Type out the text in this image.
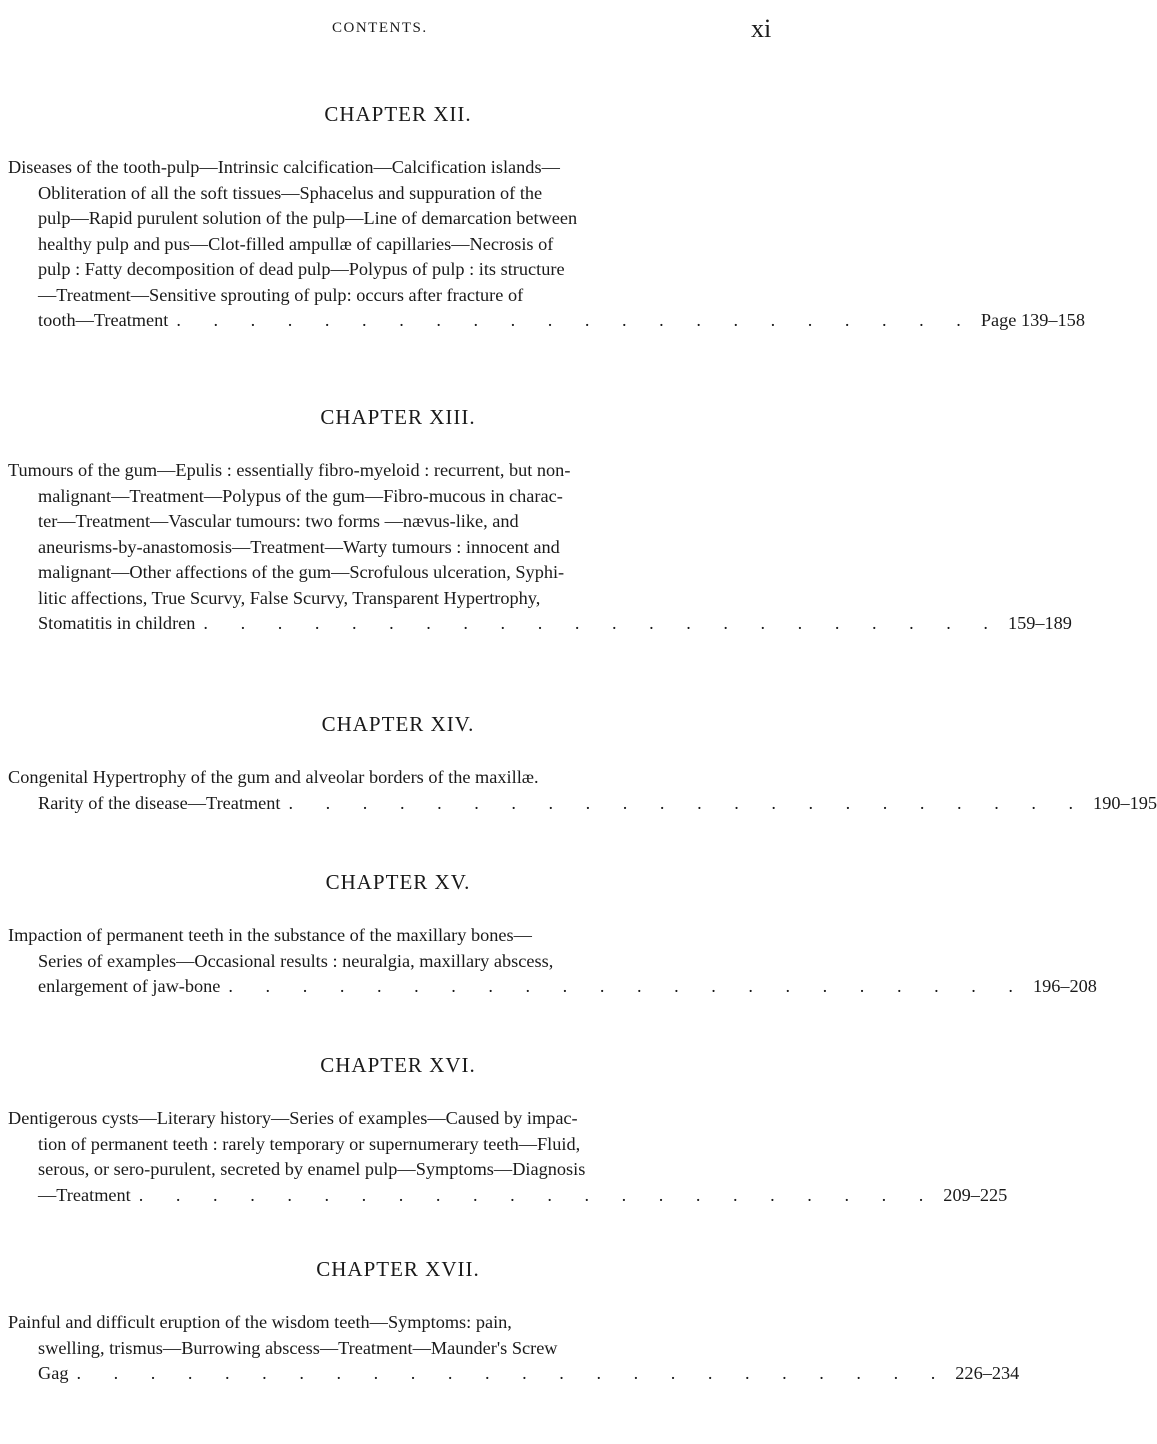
CONTENTS.	xi
CHAPTER XII.
Diseases of the tooth-pulp—Intrinsic calcification—Calcification islands—
Obliteration of all the soft tissues—Sphacelus and suppuration of the
pulp—Rapid purulent solution of the pulp—Line of demarcation between
healthy pulp and pus—Clot-filled ampullæ of capillaries—Necrosis of
pulp : Fatty decomposition of dead pulp—Polypus of pulp : its structure
—Treatment—Sensitive sprouting of pulp: occurs after fracture of
tooth—Treatment . . . . . . . . . . . . . . . . . . . . . . Page 139–158
CHAPTER XIII.
Tumours of the gum—Epulis : essentially fibro-myeloid : recurrent, but non-
malignant—Treatment—Polypus of the gum—Fibro-mucous in charac-
ter—Treatment—Vascular tumours: two forms —nævus-like, and
aneurisms-by-anastomosis—Treatment—Warty tumours : innocent and
malignant—Other affections of the gum—Scrofulous ulceration, Syphi-
litic affections, True Scurvy, False Scurvy, Transparent Hypertrophy,
Stomatitis in children . . . . . . . . . . . . . . . . . . . . . . 159–189
CHAPTER XIV.
Congenital Hypertrophy of the gum and alveolar borders of the maxillæ.
Rarity of the disease—Treatment . . . . . . . . . . . . . . . . . . . . . . 190–195
CHAPTER XV.
Impaction of permanent teeth in the substance of the maxillary bones—
Series of examples—Occasional results : neuralgia, maxillary abscess,
enlargement of jaw-bone . . . . . . . . . . . . . . . . . . . . . . 196–208
CHAPTER XVI.
Dentigerous cysts—Literary history—Series of examples—Caused by impac-
tion of permanent teeth : rarely temporary or supernumerary teeth—Fluid,
serous, or sero-purulent, secreted by enamel pulp—Symptoms—Diagnosis
—Treatment . . . . . . . . . . . . . . . . . . . . . . 209–225
CHAPTER XVII.
Painful and difficult eruption of the wisdom teeth—Symptoms: pain,
swelling, trismus—Burrowing abscess—Treatment—Maunder's Screw
Gag . . . . . . . . . . . . . . . . . . . . . . . . 226–234
